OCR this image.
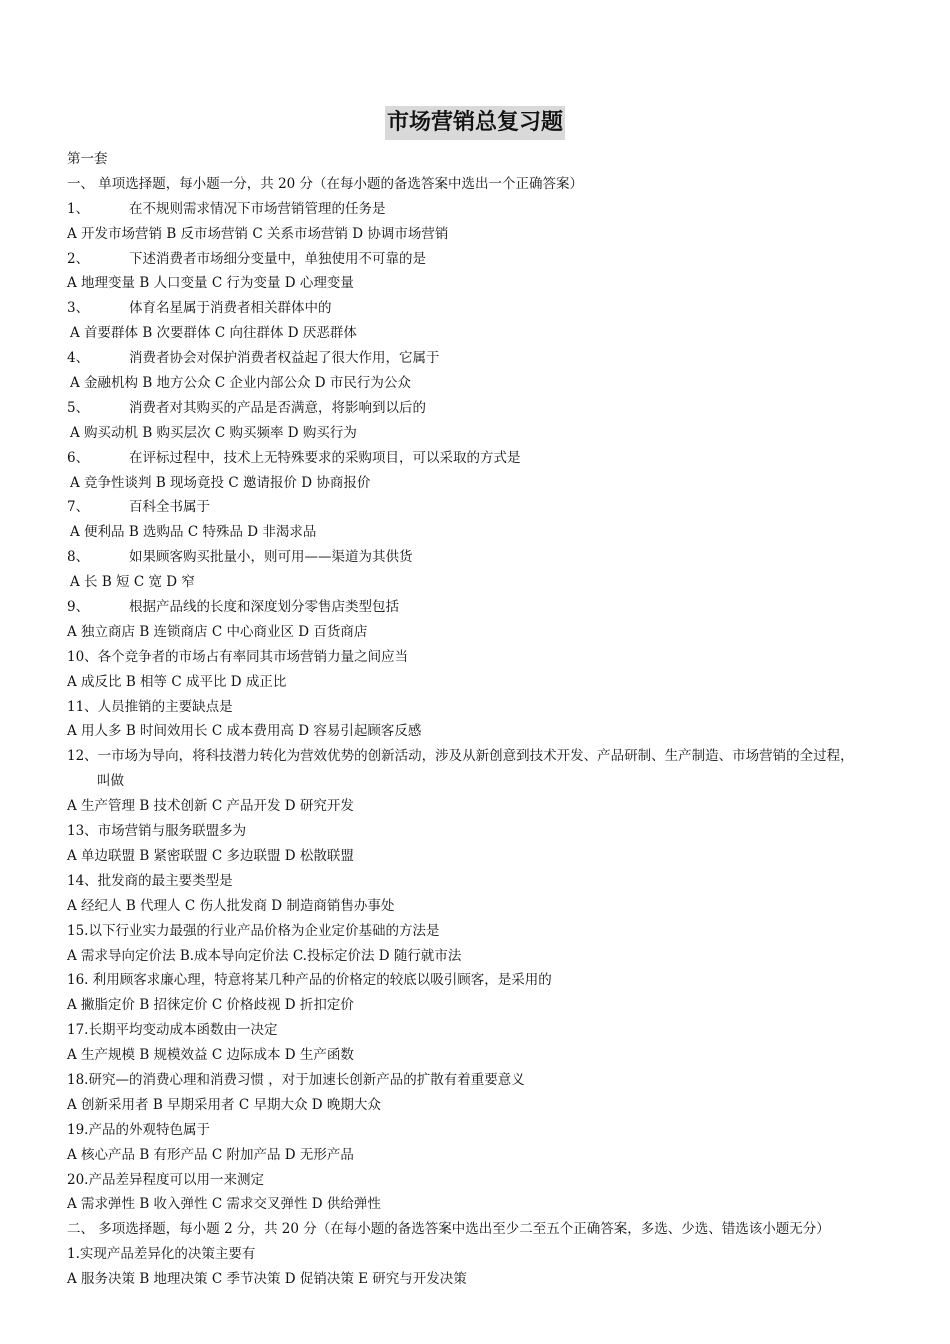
市场营销总复习题
第一套
一、 单项选择题，每小题一分，共 20 分（在每小题的备选答案中选出一个正确答案）
1、	在不规则需求情况下市场营销管理的任务是
A 开发市场营销 B 反市场营销 C 关系市场营销 D 协调市场营销
2、	下述消费者市场细分变量中，单独使用不可靠的是
A 地理变量 B 人口变量 C 行为变量 D 心理变量
3、	体育名星属于消费者相关群体中的
A 首要群体 B 次要群体 C 向往群体 D 厌恶群体
4、	消费者协会对保护消费者权益起了很大作用，它属于
A 金融机构 B 地方公众 C 企业内部公众 D 市民行为公众
5、	消费者对其购买的产品是否满意，将影响到以后的
A 购买动机 B 购买层次 C 购买频率 D 购买行为
6、	在评标过程中，技术上无特殊要求的采购项目，可以采取的方式是
A 竞争性谈判 B 现场竟投 C 邀请报价 D 协商报价
7、	百科全书属于
A 便利品 B 选购品 C 特殊品 D 非渴求品
8、	如果顾客购买批量小，则可用——渠道为其供货
A 长 B 短 C 宽 D 窄
9、	根据产品线的长度和深度划分零售店类型包括
A 独立商店 B 连锁商店 C 中心商业区 D 百货商店
10、各个竞争者的市场占有率同其市场营销力量之间应当
A 成反比 B 相等 C 成平比 D 成正比
11、人员推销的主要缺点是
A 用人多 B 时间效用长 C 成本费用高 D 容易引起顾客反感
12、一市场为导向，将科技潜力转化为营效优势的创新活动，涉及从新创意到技术开发、产品研制、生产制造、市场营销的全过程，
叫做
A 生产管理 B 技术创新 C 产品开发 D 研究开发
13、市场营销与服务联盟多为
A 单边联盟 B 紧密联盟 C 多边联盟 D 松散联盟
14、批发商的最主要类型是
A 经纪人 B 代理人 C 伤人批发商 D 制造商销售办事处
15.以下行业实力最强的行业产品价格为企业定价基础的方法是
A 需求导向定价法 B.成本导向定价法 C.投标定价法 D 随行就市法
16. 利用顾客求廉心理，特意将某几种产品的价格定的较底以吸引顾客，是采用的
A 撇脂定价 B 招徕定价 C 价格歧视 D 折扣定价
17.长期平均变动成本函数由一决定
A 生产规模 B 规模效益 C 边际成本 D 生产函数
18.研究—的消费心理和消费习惯 ，对于加速长创新产品的扩散有着重要意义
A 创新采用者 B 早期采用者 C 早期大众 D 晚期大众
19.产品的外观特色属于
A 核心产品 B 有形产品 C 附加产品 D 无形产品
20.产品差异程度可以用一来测定
A 需求弹性 B 收入弹性 C 需求交叉弹性 D 供给弹性
二、 多项选择题，每小题 2 分，共 20 分（在每小题的备选答案中选出至少二至五个正确答案，多选、少选、错选该小题无分）
1.实现产品差异化的决策主要有
A 服务决策 B 地理决策 C 季节决策 D 促销决策 E 研究与开发决策
